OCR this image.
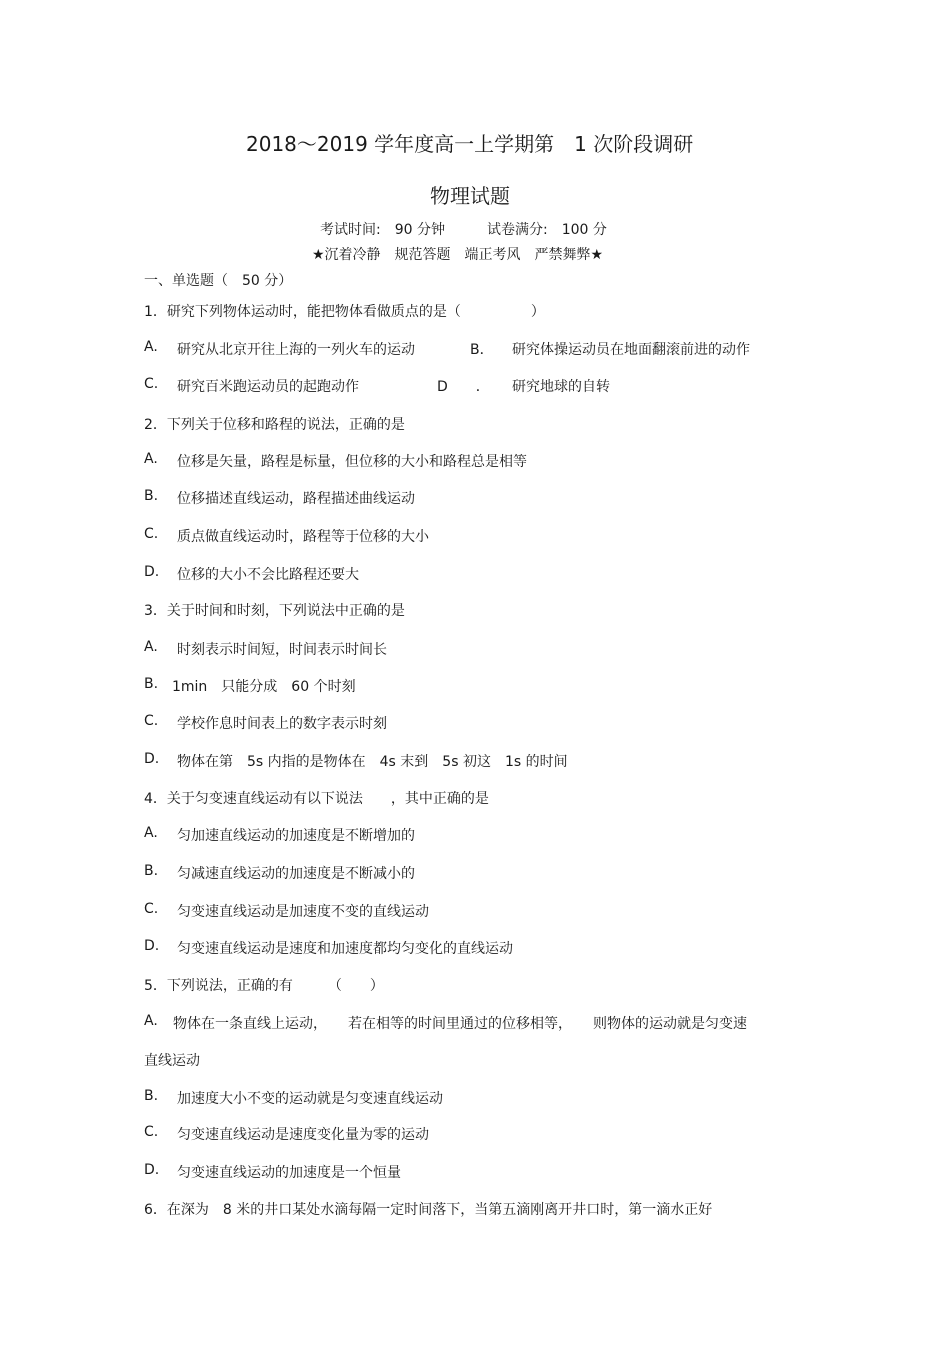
2018～2019 学年度高一上学期第　1 次阶段调研
物理试题
考试时间:　90 分钟　　　试卷满分:　100 分
★沉着冷静　规范答题　端正考风　严禁舞弊★
一、单选题（　50 分）
1．研究下列物体运动时，能把物体看做质点的是（　　　　　）
A. 研究从北京开往上海的一列火车的运动	B． 研究体操运动员在地面翻滚前进的动作
C. 研究百米跑运动员的起跑动作	D　　． 研究地球的自转
2．下列关于位移和路程的说法，正确的是
A. 位移是矢量，路程是标量，但位移的大小和路程总是相等
B. 位移描述直线运动，路程描述曲线运动
C. 质点做直线运动时，路程等于位移的大小
D. 位移的大小不会比路程还要大
3．关于时间和时刻，下列说法中正确的是
A. 时刻表示时间短，时间表示时间长
B. 1min　只能分成　60 个时刻
C. 学校作息时间表上的数字表示时刻
D. 物体在第　5s 内指的是物体在　4s 末到　5s 初这　1s 的时间
4．关于匀变速直线运动有以下说法　　，其中正确的是
A. 匀加速直线运动的加速度是不断增加的
B. 匀减速直线运动的加速度是不断减小的
C. 匀变速直线运动是加速度不变的直线运动
D. 匀变速直线运动是速度和加速度都均匀变化的直线运动
5．下列说法，正确的有　　　（　　）
A. 物体在一条直线上运动，　　若在相等的时间里通过的位移相等，　　则物体的运动就是匀变速
直线运动
B. 加速度大小不变的运动就是匀变速直线运动
C. 匀变速直线运动是速度变化量为零的运动
D. 匀变速直线运动的加速度是一个恒量
6．在深为　8 米的井口某处水滴每隔一定时间落下，当第五滴刚离开井口时，第一滴水正好
